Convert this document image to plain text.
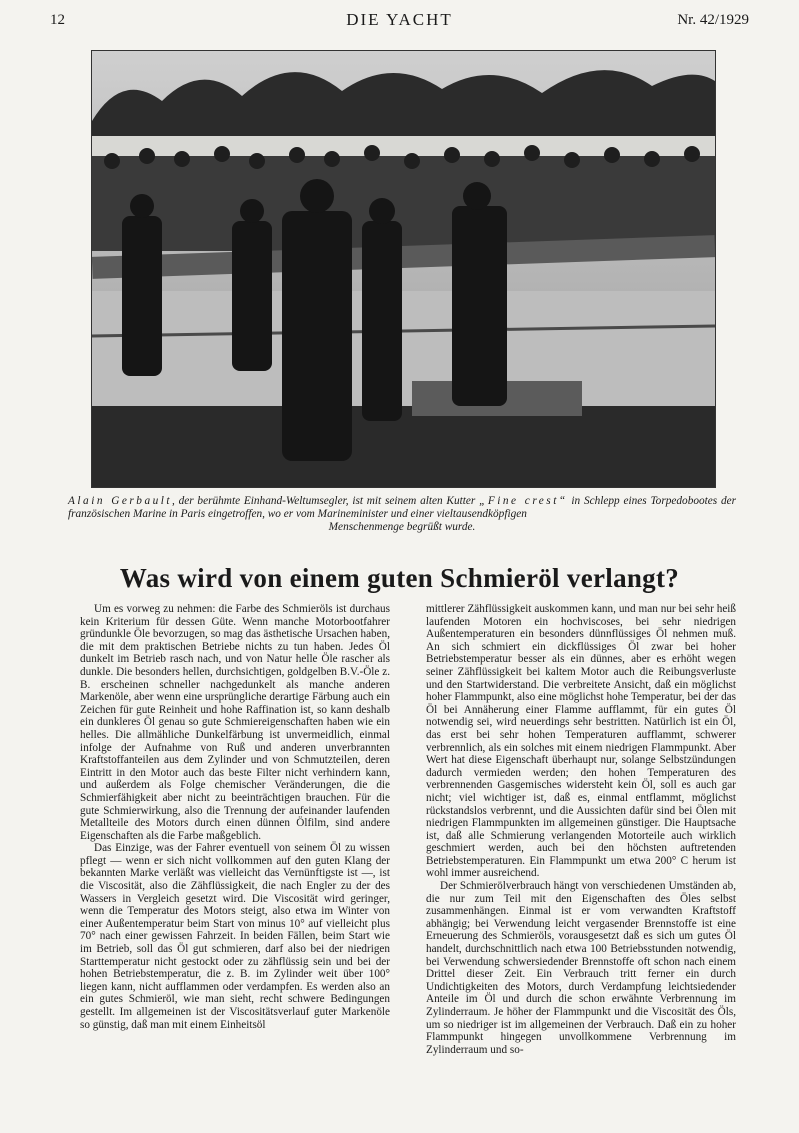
12	DIE YACHT	Nr. 42/1929
Alain Gerbault, der berühmte Einhand-Weltumsegler, ist mit seinem alten Kutter „Fine crest“ in Schlepp eines Torpedobootes der französischen Marine in Paris eingetroffen, wo er vom Marineminister und einer vieltausendköpfigen
Menschenmenge begrüßt wurde.
Was wird von einem guten Schmieröl verlangt?

Um es vorweg zu nehmen: die Farbe des Schmieröls ist durchaus kein Kriterium für dessen Güte. Wenn manche Motorbootfahrer gründunkle Öle bevorzugen, so mag das ästhetische Ursachen haben, die mit dem praktischen Betriebe nichts zu tun haben. Jedes Öl dunkelt im Betrieb rasch nach, und von Natur helle Öle rascher als dunkle. Die besonders hellen, durchsichtigen, goldgelben B.V.-Öle z. B. erscheinen schneller nachgedunkelt als manche anderen Markenöle, aber wenn eine ursprüngliche derartige Färbung auch ein Zeichen für gute Reinheit und hohe Raffination ist, so kann deshalb ein dunkleres Öl genau so gute Schmiereigenschaften haben wie ein helles. Die allmähliche Dunkelfärbung ist unvermeidlich, einmal infolge der Aufnahme von Ruß und anderen unverbrannten Kraftstoffanteilen aus dem Zylinder und von Schmutzteilen, deren Eintritt in den Motor auch das beste Filter nicht verhindern kann, und außerdem als Folge chemischer Veränderungen, die die Schmierfähigkeit aber nicht zu beeinträchtigen brauchen. Für die gute Schmierwirkung, also die Trennung der aufeinander laufenden Metallteile des Motors durch einen dünnen Ölfilm, sind andere Eigenschaften als die Farbe maßgeblich.

Das Einzige, was der Fahrer eventuell von seinem Öl zu wissen pflegt — wenn er sich nicht vollkommen auf den guten Klang der bekannten Marke verläßt was vielleicht das Vernünftigste ist —, ist die Viscosität, also die Zähflüssigkeit, die nach Engler zu der des Wassers in Vergleich gesetzt wird. Die Viscosität wird geringer, wenn die Temperatur des Motors steigt, also etwa im Winter von einer Außentemperatur beim Start von minus 10° auf vielleicht plus 70° nach einer gewissen Fahrzeit. In beiden Fällen, beim Start wie im Betrieb, soll das Öl gut schmieren, darf also bei der niedrigen Starttemperatur nicht gestockt oder zu zähflüssig sein und bei der hohen Betriebstemperatur, die z. B. im Zylinder weit über 100° liegen kann, nicht aufflammen oder verdampfen. Es werden also an ein gutes Schmieröl, wie man sieht, recht schwere Bedingungen gestellt. Im allgemeinen ist der Viscositätsverlauf guter Markenöle so günstig, daß man mit einem Einheitsöl

mittlerer Zähflüssigkeit auskommen kann, und man nur bei sehr heiß laufenden Motoren ein hochviscoses, bei sehr niedrigen Außentemperaturen ein besonders dünnflüssiges Öl nehmen muß. An sich schmiert ein dickflüssiges Öl zwar bei hoher Betriebstemperatur besser als ein dünnes, aber es erhöht wegen seiner Zähflüssigkeit bei kaltem Motor auch die Reibungsverluste und den Startwiderstand. Die verbreitete Ansicht, daß ein möglichst hoher Flammpunkt, also eine möglichst hohe Temperatur, bei der das Öl bei Annäherung einer Flamme aufflammt, für ein gutes Öl notwendig sei, wird neuerdings sehr bestritten. Natürlich ist ein Öl, das erst bei sehr hohen Temperaturen aufflammt, schwerer verbrennlich, als ein solches mit einem niedrigen Flammpunkt. Aber Wert hat diese Eigenschaft überhaupt nur, solange Selbstzündungen dadurch vermieden werden; den hohen Temperaturen des verbrennenden Gasgemisches widersteht kein Öl, soll es auch gar nicht; viel wichtiger ist, daß es, einmal entflammt, möglichst rückstandslos verbrennt, und die Aussichten dafür sind bei Ölen mit niedrigen Flammpunkten im allgemeinen günstiger. Die Hauptsache ist, daß alle Schmierung verlangenden Motorteile auch wirklich geschmiert werden, auch bei den höchsten auftretenden Betriebstemperaturen. Ein Flammpunkt um etwa 200° C herum ist wohl immer ausreichend.

Der Schmierölverbrauch hängt von verschiedenen Umständen ab, die nur zum Teil mit den Eigenschaften des Öles selbst zusammenhängen. Einmal ist er vom verwandten Kraftstoff abhängig; bei Verwendung leicht vergasender Brennstoffe ist eine Erneuerung des Schmieröls, vorausgesetzt daß es sich um gutes Öl handelt, durchschnittlich nach etwa 100 Betriebsstunden notwendig, bei Verwendung schwersiedender Brennstoffe oft schon nach einem Drittel dieser Zeit. Ein Verbrauch tritt ferner ein durch Undichtigkeiten des Motors, durch Verdampfung leichtsiedender Anteile im Öl und durch die schon erwähnte Verbrennung im Zylinderraum. Je höher der Flammpunkt und die Viscosität des Öls, um so niedriger ist im allgemeinen der Verbrauch. Daß ein zu hoher Flammpunkt hingegen unvollkommene Verbrennung im Zylinderraum und so-
